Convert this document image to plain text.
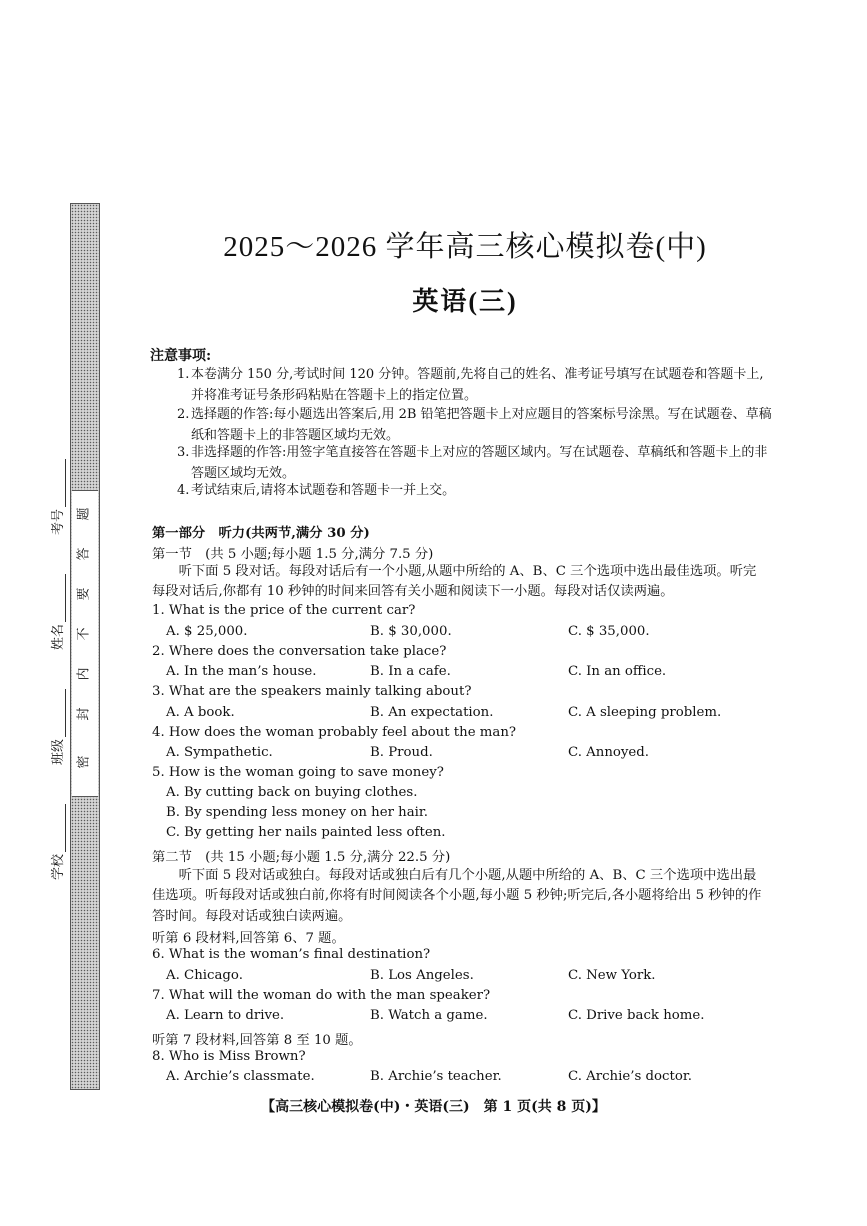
题
答
要
不
内
封
密
学校
班级
姓名
考号
2025～2026 学年高三核心模拟卷(中)
英语(三)
注意事项:
1. 本卷满分 150 分,考试时间 120 分钟。答题前,先将自己的姓名、准考证号填写在试题卷和答题卡上,并将准考证号条形码粘贴在答题卡上的指定位置。
2. 选择题的作答:每小题选出答案后,用 2B 铅笔把答题卡上对应题目的答案标号涂黑。写在试题卷、草稿纸和答题卡上的非答题区域均无效。
3. 非选择题的作答:用签字笔直接答在答题卡上对应的答题区域内。写在试题卷、草稿纸和答题卡上的非答题区域均无效。
4. 考试结束后,请将本试题卷和答题卡一并上交。
第一部分　听力(共两节,满分 30 分)
第一节　(共 5 小题;每小题 1.5 分,满分 7.5 分)
听下面 5 段对话。每段对话后有一个小题,从题中所给的 A、B、C 三个选项中选出最佳选项。听完每段对话后,你都有 10 秒钟的时间来回答有关小题和阅读下一小题。每段对话仅读两遍。
1. What is the price of the current car?
A. $ 25,000.	B. $ 30,000.	C. $ 35,000.
2. Where does the conversation take place?
A. In the man’s house.	B. In a cafe.	C. In an office.
3. What are the speakers mainly talking about?
A. A book.	B. An expectation.	C. A sleeping problem.
4. How does the woman probably feel about the man?
A. Sympathetic.	B. Proud.	C. Annoyed.
5. How is the woman going to save money?
A. By cutting back on buying clothes.
B. By spending less money on her hair.
C. By getting her nails painted less often.
第二节　(共 15 小题;每小题 1.5 分,满分 22.5 分)
听下面 5 段对话或独白。每段对话或独白后有几个小题,从题中所给的 A、B、C 三个选项中选出最佳选项。听每段对话或独白前,你将有时间阅读各个小题,每小题 5 秒钟;听完后,各小题将给出 5 秒钟的作答时间。每段对话或独白读两遍。
听第 6 段材料,回答第 6、7 题。
6. What is the woman’s final destination?
A. Chicago.	B. Los Angeles.	C. New York.
7. What will the woman do with the man speaker?
A. Learn to drive.	B. Watch a game.	C. Drive back home.
听第 7 段材料,回答第 8 至 10 题。
8. Who is Miss Brown?
A. Archie’s classmate.	B. Archie’s teacher.	C. Archie’s doctor.
【高三核心模拟卷(中)・英语(三)　第 1 页(共 8 页)】
